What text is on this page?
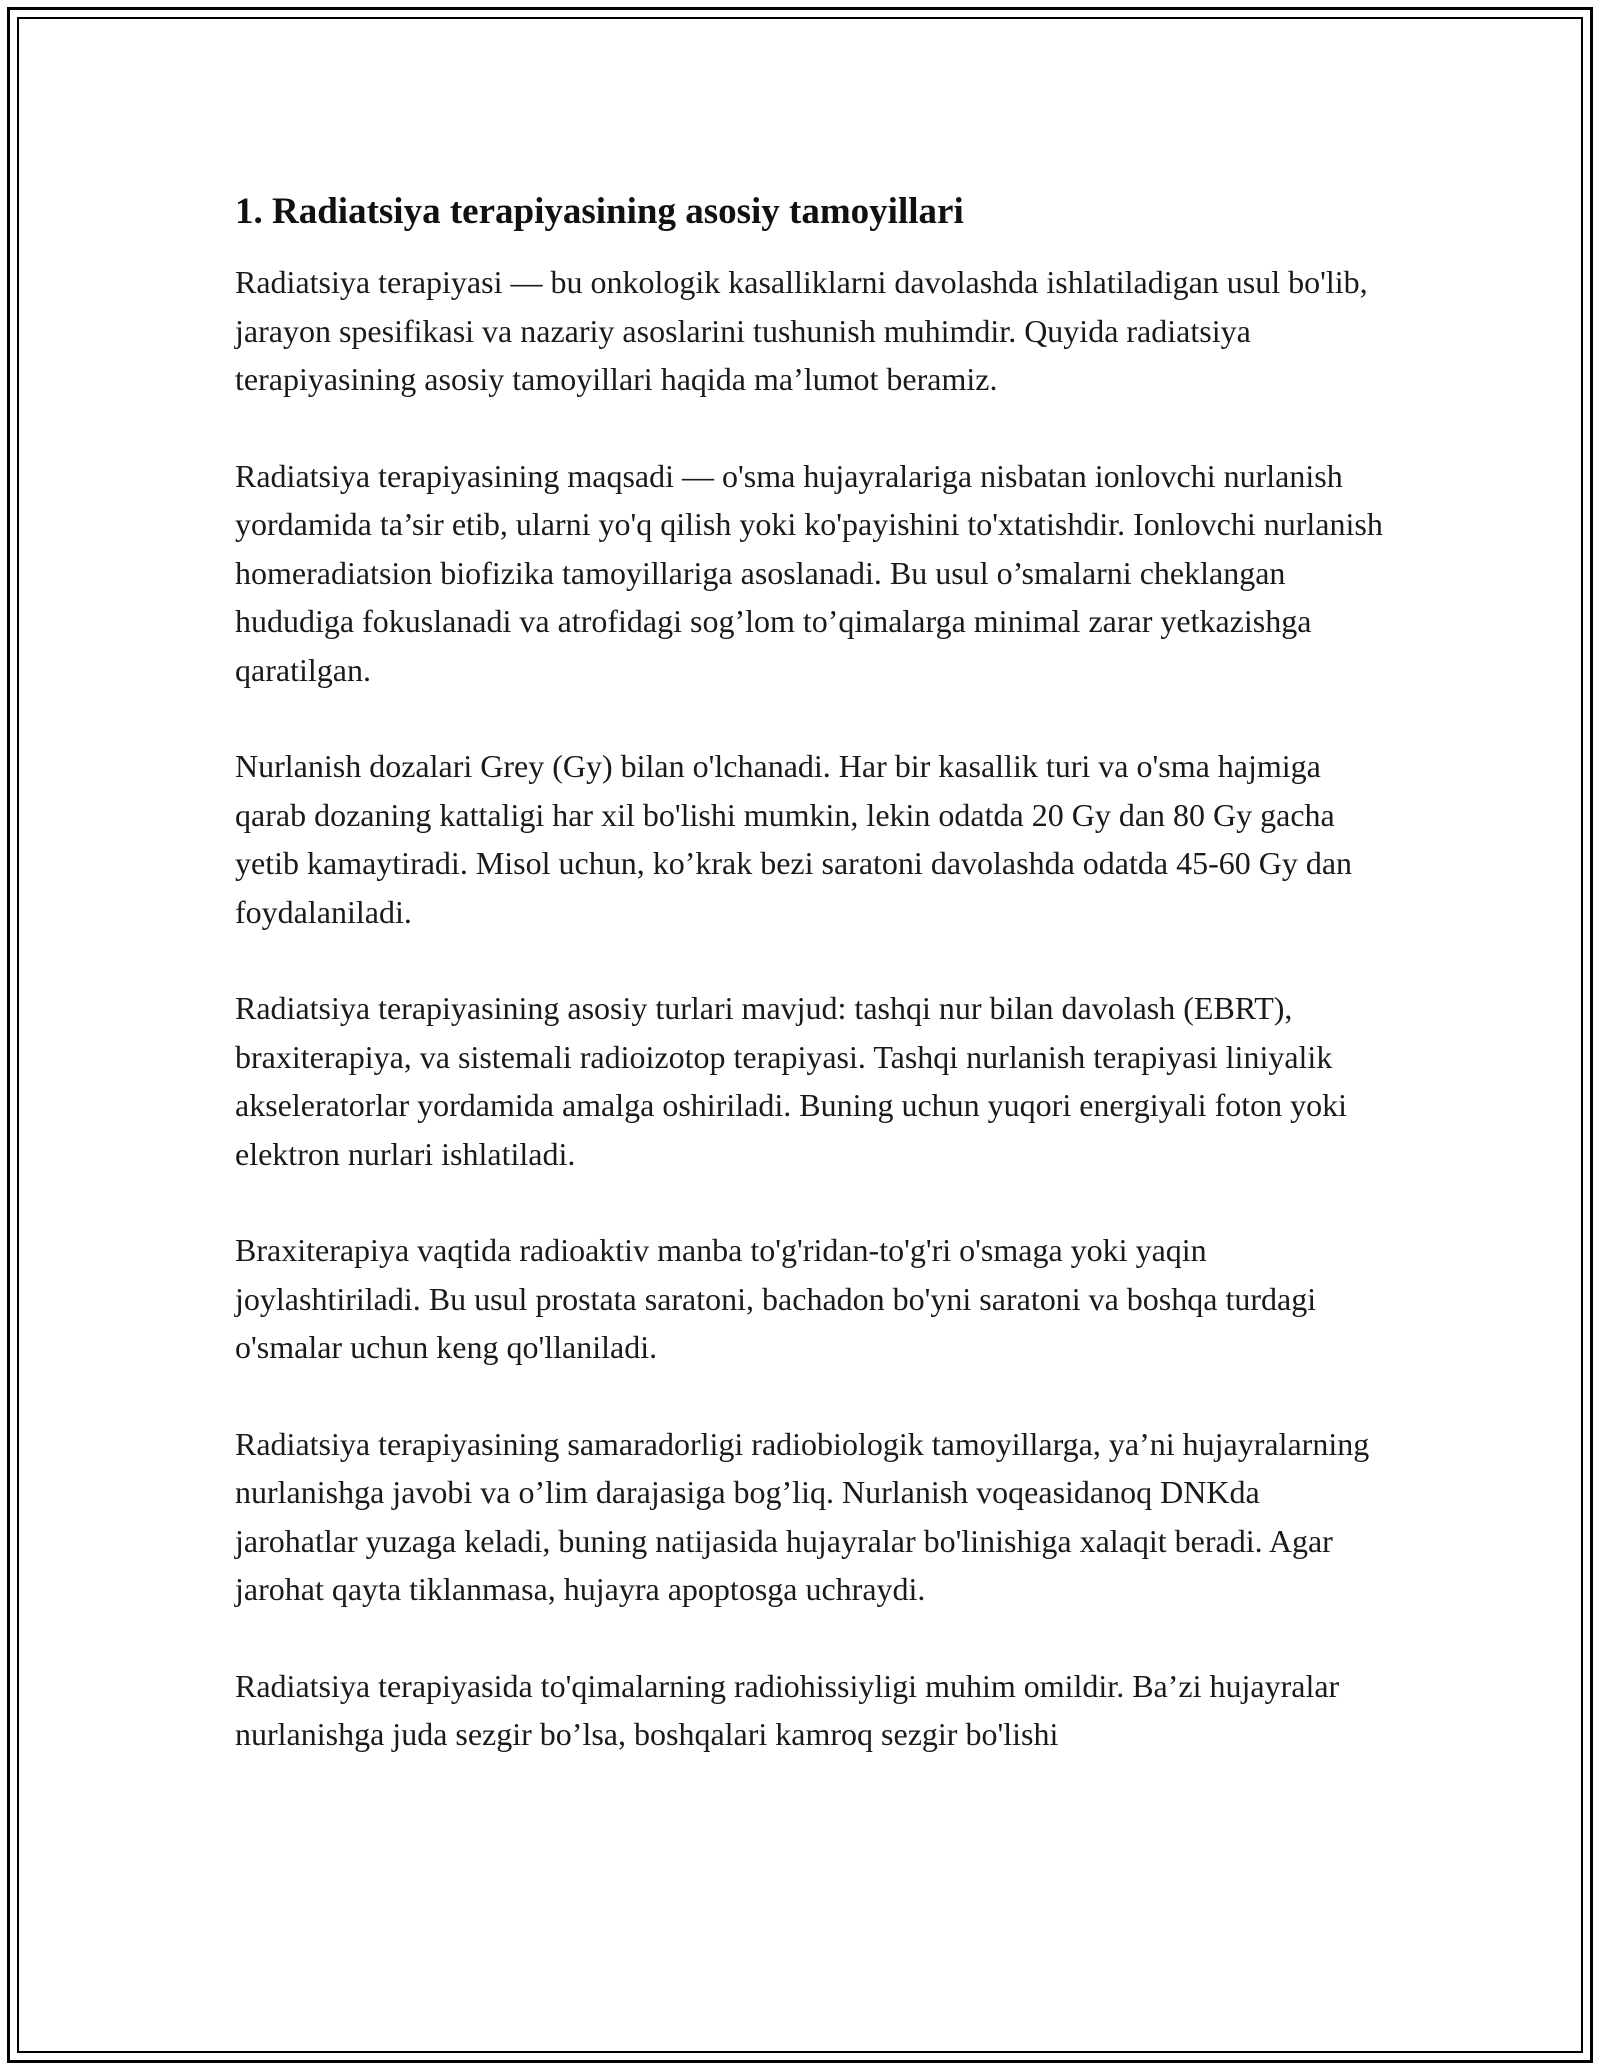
1. Radiatsiya terapiyasining asosiy tamoyillari

Radiatsiya terapiyasi — bu onkologik kasalliklarni davolashda ishlatiladigan usul bo'lib, jarayon spesifikasi va nazariy asoslarini tushunish muhimdir. Quyida radiatsiya terapiyasining asosiy tamoyillari haqida ma’lumot beramiz.

Radiatsiya terapiyasining maqsadi — o'sma hujayralariga nisbatan ionlovchi nurlanish yordamida ta’sir etib, ularni yo'q qilish yoki ko'payishini to'xtatishdir. Ionlovchi nurlanish homeradiatsion biofizika tamoyillariga asoslanadi. Bu usul o’smalarni cheklangan hududiga fokuslanadi va atrofidagi sog’lom to’qimalarga minimal zarar yetkazishga qaratilgan.

Nurlanish dozalari Grey (Gy) bilan o'lchanadi. Har bir kasallik turi va o'sma hajmiga qarab dozaning kattaligi har xil bo'lishi mumkin, lekin odatda 20 Gy dan 80 Gy gacha yetib kamaytiradi. Misol uchun, ko’krak bezi saratoni davolashda odatda 45-60 Gy dan foydalaniladi.

Radiatsiya terapiyasining asosiy turlari mavjud: tashqi nur bilan davolash (EBRT), braxiterapiya, va sistemali radioizotop terapiyasi. Tashqi nurlanish terapiyasi liniyalik akseleratorlar yordamida amalga oshiriladi. Buning uchun yuqori energiyali foton yoki elektron nurlari ishlatiladi.

Braxiterapiya vaqtida radioaktiv manba to'g'ridan-to'g'ri o'smaga yoki yaqin joylashtiriladi. Bu usul prostata saratoni, bachadon bo'yni saratoni va boshqa turdagi o'smalar uchun keng qo'llaniladi.

Radiatsiya terapiyasining samaradorligi radiobiologik tamoyillarga, ya’ni hujayralarning nurlanishga javobi va o’lim darajasiga bog’liq. Nurlanish voqeasidanoq DNKda jarohatlar yuzaga keladi, buning natijasida hujayralar bo'linishiga xalaqit beradi. Agar jarohat qayta tiklanmasa, hujayra apoptosga uchraydi.

Radiatsiya terapiyasida to'qimalarning radiohissiyligi muhim omildir. Ba’zi hujayralar nurlanishga juda sezgir bo’lsa, boshqalari kamroq sezgir bo'lishi
